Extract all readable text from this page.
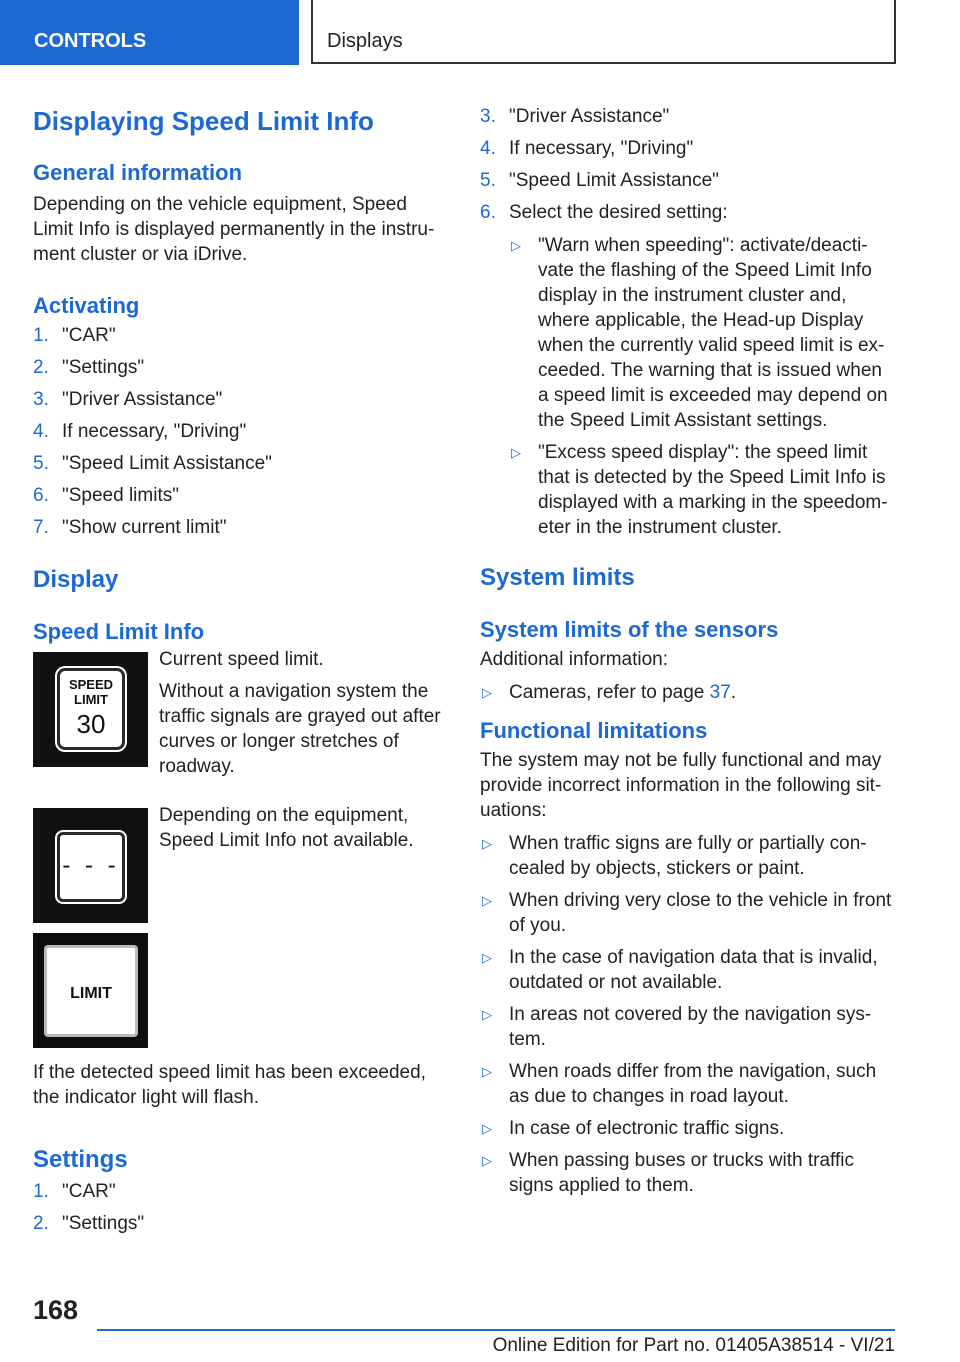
CONTROLS	Displays
Displaying Speed Limit Info
General information

Depending on the vehicle equipment, Speed Limit Info is displayed permanently in the instru-ment cluster or via iDrive.

Activating
1. "CAR"
2. "Settings"
3. "Driver Assistance"
4. If necessary, "Driving"
5. "Speed Limit Assistance"
6. "Speed limits"
7. "Show current limit"
Display
Speed Limit Info
SPEED
LIMIT
30

Current speed limit.

Without a navigation system the traffic signals are grayed out after curves or longer stretches of roadway.

- - -

Depending on the equipment, Speed Limit Info not available.

LIMIT

If the detected speed limit has been exceeded, the indicator light will flash.

Settings
1. "CAR"
2. "Settings"
3. "Driver Assistance"
4. If necessary, "Driving"
5. "Speed Limit Assistance"
6. Select the desired setting:
▷ "Warn when speeding": activate/deacti-vate the flashing of the Speed Limit Info display in the instrument cluster and, where applicable, the Head-up Display when the currently valid speed limit is ex-ceeded. The warning that is issued when a speed limit is exceeded may depend on the Speed Limit Assistant settings.
▷ "Excess speed display": the speed limit that is detected by the Speed Limit Info is displayed with a marking in the speedom-eter in the instrument cluster.
System limits
System limits of the sensors

Additional information:

▷ Cameras, refer to page 37.
Functional limitations

The system may not be fully functional and may provide incorrect information in the following sit-uations:

▷ When traffic signs are fully or partially con-cealed by objects, stickers or paint.
▷ When driving very close to the vehicle in front of you.
▷ In the case of navigation data that is invalid, outdated or not available.
▷ In areas not covered by the navigation sys-tem.
▷ When roads differ from the navigation, such as due to changes in road layout.
▷ In case of electronic traffic signs.
▷ When passing buses or trucks with traffic signs applied to them.
168
Online Edition for Part no. 01405A38514 - VI/21
